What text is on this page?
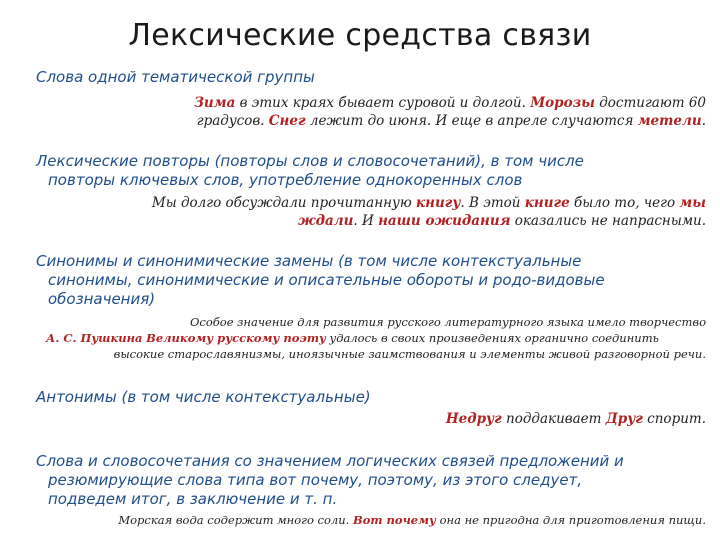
Лексические средства связи
Слова одной тематической группы
Зима в этих краях бывает суровой и долгой. Морозы достигают 60
градусов. Снег лежит до июня. И еще в апреле случаются метели.
Лексические повторы (повторы слов и словосочетаний), в том числе
повторы ключевых слов, употребление однокоренных слов
Мы долго обсуждали прочитанную книгу. В этой книге было то, чего мы
ждали. И наши ожидания оказались не напрасными.
Синонимы и синонимические замены (в том числе контекстуальные
синонимы, синонимические и описательные обороты и родо-видовые
обозначения)
Особое значение для развития русского литературного языка имело творчество
А. С. Пушкина Великому русскому поэту удалось в своих произведениях органично соединить
высокие старославянизмы, иноязычные заимствования и элементы живой разговорной речи.
Антонимы (в том числе контекстуальные)
Недруг поддакивает Друг спорит.
Слова и словосочетания со значением логических связей предложений и
резюмирующие слова типа вот почему, поэтому, из этого следует,
подведем итог, в заключение и т. п.
Морская вода содержит много соли. Вот почему она не пригодна для приготовления пищи.
